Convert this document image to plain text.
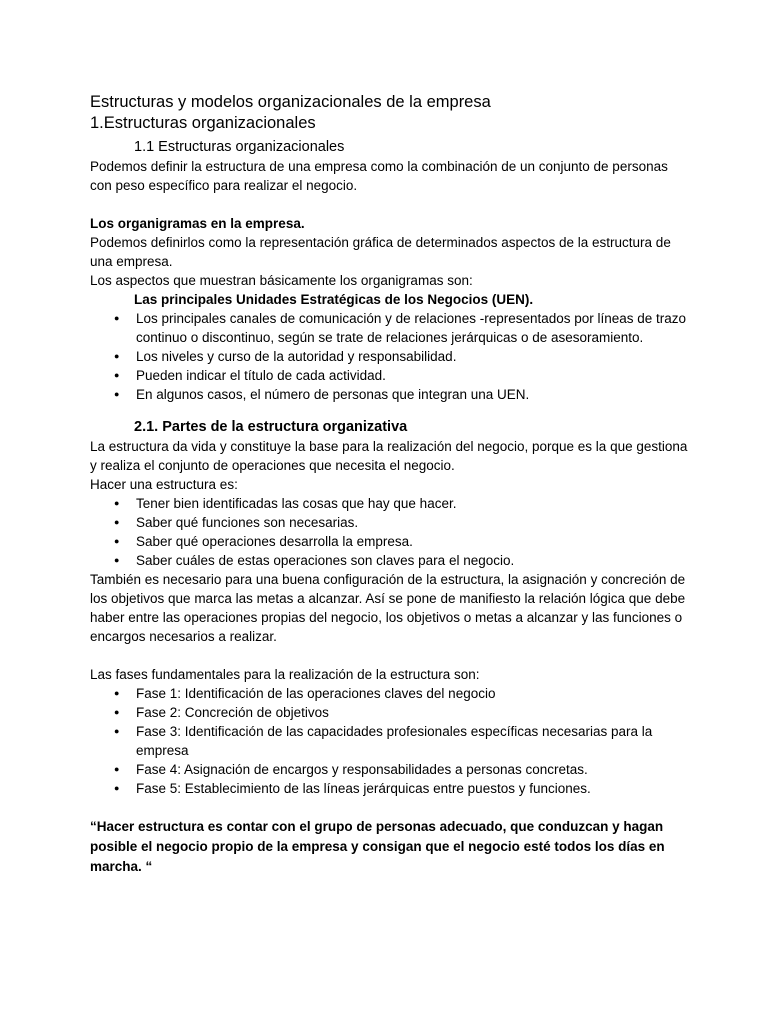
Estructuras y modelos organizacionales de la empresa
1.Estructuras organizacionales
1.1 Estructuras organizacionales

Podemos definir la estructura de una empresa como la combinación de un conjunto de personas con peso específico para realizar el negocio.

Los organigramas en la empresa.

Podemos definirlos como la representación gráfica de determinados aspectos de la estructura de una empresa.

Los aspectos que muestran básicamente los organigramas son:

Las principales Unidades Estratégicas de los Negocios (UEN).

● Los principales canales de comunicación y de relaciones -representados por líneas de trazo continuo o discontinuo, según se trate de relaciones jerárquicas o de asesoramiento.
● Los niveles y curso de la autoridad y responsabilidad.
● Pueden indicar el título de cada actividad.
● En algunos casos, el número de personas que integran una UEN.
2.1. Partes de la estructura organizativa

La estructura da vida y constituye la base para la realización del negocio, porque es la que gestiona y realiza el conjunto de operaciones que necesita el negocio.

Hacer una estructura es:

● Tener bien identificadas las cosas que hay que hacer.
● Saber qué funciones son necesarias.
● Saber qué operaciones desarrolla la empresa.
● Saber cuáles de estas operaciones son claves para el negocio.

También es necesario para una buena configuración de la estructura, la asignación y concreción de los objetivos que marca las metas a alcanzar. Así se pone de manifiesto la relación lógica que debe haber entre las operaciones propias del negocio, los objetivos o metas a alcanzar y las funciones o encargos necesarios a realizar.

Las fases fundamentales para la realización de la estructura son:

● Fase 1: Identificación de las operaciones claves del negocio
● Fase 2: Concreción de objetivos
● Fase 3: Identificación de las capacidades profesionales específicas necesarias para la empresa
● Fase 4: Asignación de encargos y responsabilidades a personas concretas.
● Fase 5: Establecimiento de las líneas jerárquicas entre puestos y funciones.

“Hacer estructura es contar con el grupo de personas adecuado, que conduzcan y hagan posible el negocio propio de la empresa y consigan que el negocio esté todos los días en marcha. “
